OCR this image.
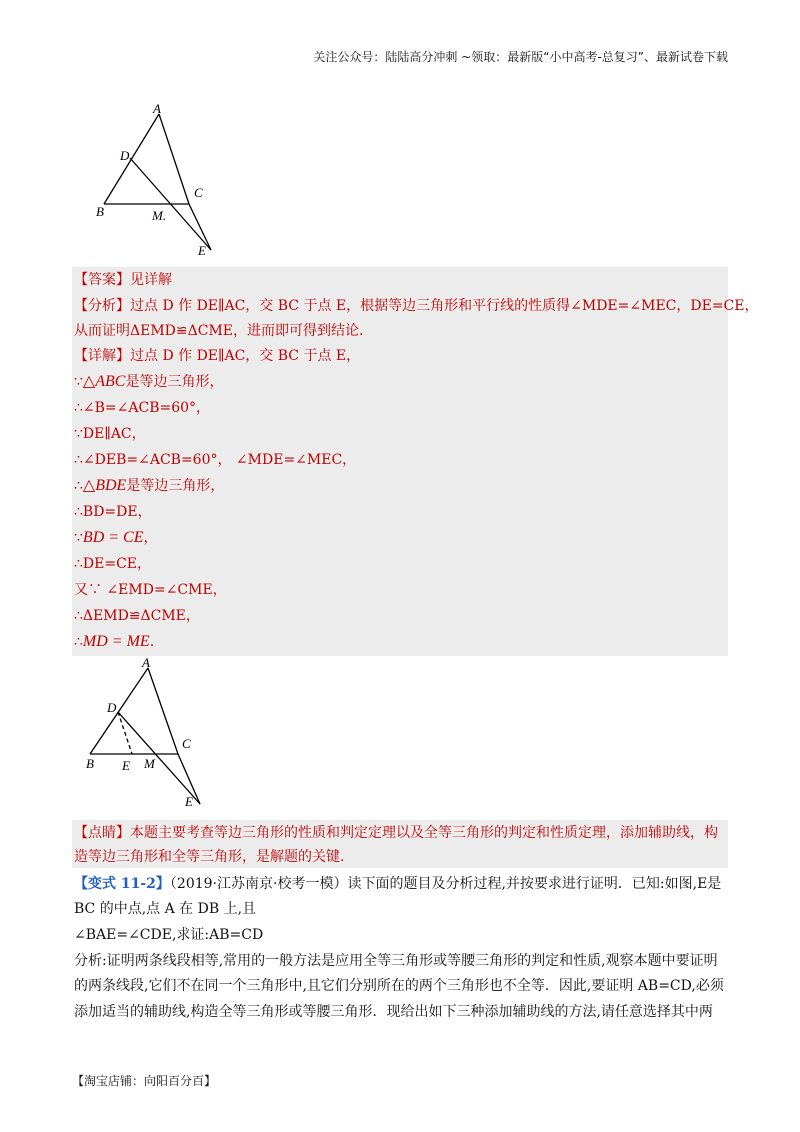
关注公众号：陆陆高分冲刺 ~领取：最新版“小中高考-总复习”、最新试卷下载
A
D
C
B	M.
E
【答案】见详解
【分析】过点 D 作 DE∥AC，交 BC 于点 E，根据等边三角形和平行线的性质得∠MDE=∠MEC，DE=CE，
从而证明ΔEMD≌ΔCME，进而即可得到结论.
【详解】过点 D 作 DE∥AC，交 BC 于点 E，
∵△ABC是等边三角形，
∴∠B=∠ACB=60°，
∵DE∥AC，
∴∠DEB=∠ACB=60°， ∠MDE=∠MEC，
∴△BDE是等边三角形，
∴BD=DE，
∵BD = CE，
∴DE=CE，
又∵ ∠EMD=∠CME，
∴ΔEMD≌ΔCME，
∴MD = ME.
A
D
C
B E M
E
【点睛】本题主要考查等边三角形的性质和判定定理以及全等三角形的判定和性质定理，添加辅助线，构
造等边三角形和全等三角形，是解题的关键.
【变式 11-2】（2019·江苏南京·校考一模）读下面的题目及分析过程,并按要求进行证明．已知:如图,E是
BC 的中点,点 A 在 DB 上,且
∠BAE=∠CDE,求证:AB=CD
分析:证明两条线段相等,常用的一般方法是应用全等三角形或等腰三角形的判定和性质,观察本题中要证明
的两条线段,它们不在同一个三角形中,且它们分别所在的两个三角形也不全等．因此,要证明 AB=CD,必须
添加适当的辅助线,构造全等三角形或等腰三角形．现给出如下三种添加辅助线的方法,请任意选择其中两
【淘宝店铺：向阳百分百】
